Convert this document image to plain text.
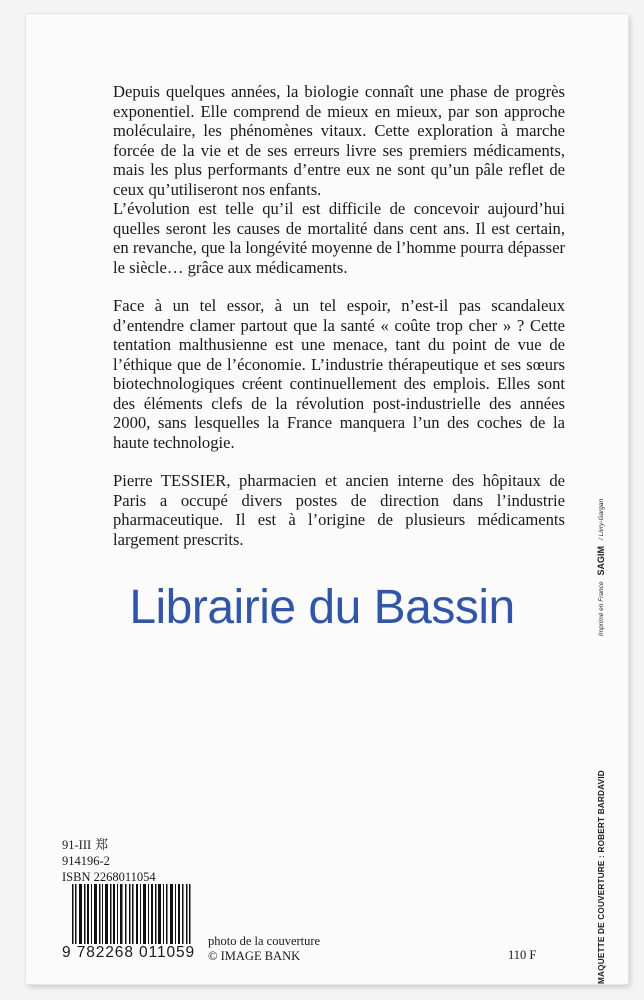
Depuis quelques années, la biologie connaît une phase de progrès exponentiel. Elle comprend de mieux en mieux, par son approche moléculaire, les phénomènes vitaux. Cette exploration à marche forcée de la vie et de ses erreurs livre ses premiers médicaments, mais les plus performants d’entre eux ne sont qu’un pâle reflet de ceux qu’utiliseront nos enfants.

L’évolution est telle qu’il est difficile de concevoir aujourd’hui quelles seront les causes de mortalité dans cent ans. Il est certain, en revanche, que la longévité moyenne de l’homme pourra dépasser le siècle… grâce aux médicaments.

Face à un tel essor, à un tel espoir, n’est-il pas scandaleux d’entendre clamer partout que la santé « coûte trop cher » ? Cette tentation malthusienne est une menace, tant du point de vue de l’éthique que de l’économie. L’industrie thérapeutique et ses sœurs biotechnologiques créent continuellement des emplois. Elles sont des éléments clefs de la révolution post-industrielle des années 2000, sans lesquelles la France manquera l’un des coches de la haute technologie.

Pierre TESSIER, pharmacien et ancien interne des hôpitaux de Paris a occupé divers postes de direction dans l’industrie pharmaceutique. Il est à l’origine de plusieurs médicaments largement prescrits.

Librairie du Bassin
MAQUETTE DE COUVERTURE : ROBERT BARDAVID
Imprimé en France
SAGIM
/ Livry-Gargan
91-III 郑
914196-2
ISBN 2268011054
9 782268 011059
photo de la couverture
© IMAGE BANK	110 F
